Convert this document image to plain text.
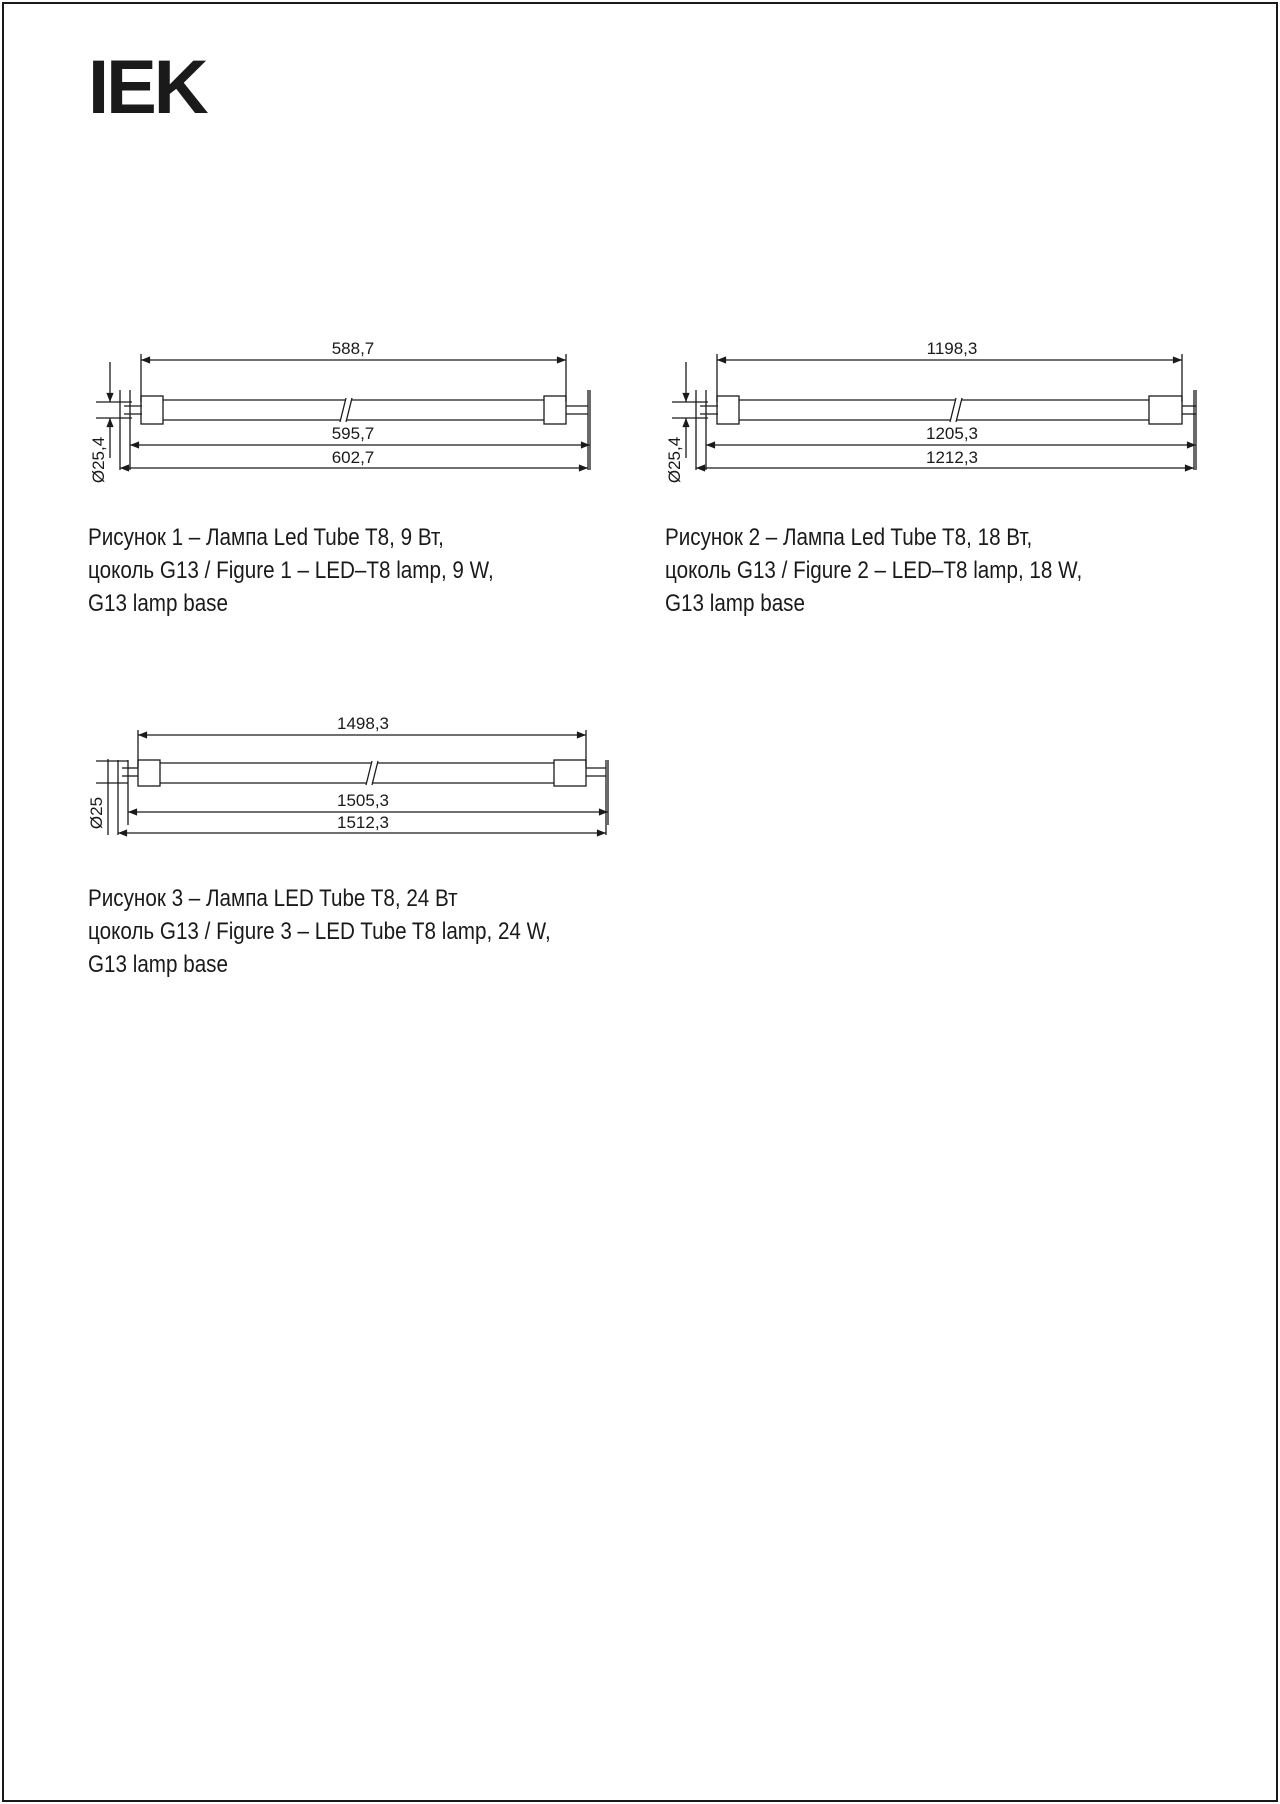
IEK
588,7
595,7
602,7
Ø25,4
Рисунок 1 – Лампа Led Tube T8, 9 Вт,
цоколь G13 / Figure 1 – LED–T8 lamp, 9 W,
G13 lamp base
1198,3
1205,3
1212,3
Ø25,4
Рисунок 2 – Лампа Led Tube T8, 18 Вт,
цоколь G13 / Figure 2 – LED–T8 lamp, 18 W,
G13 lamp base
1498,3
1505,3
1512,3
Ø25
Рисунок 3 – Лампа LED Tube T8, 24 Вт
цоколь G13 / Figure 3 – LED Tube T8 lamp, 24 W,
G13 lamp base
